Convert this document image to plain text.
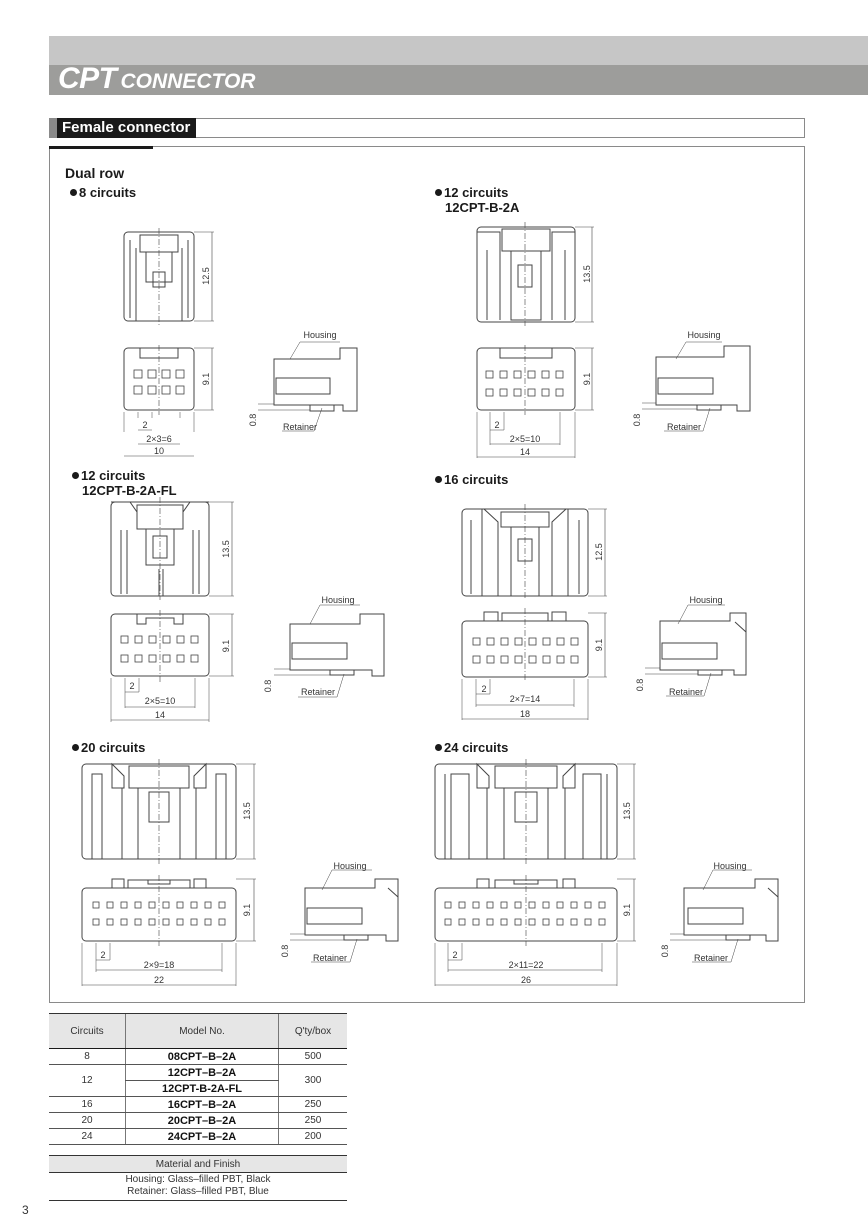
CPT CONNECTOR
Female connector
Dual row
8 circuits	12 circuits
12CPT-B-2A
12 circuits
12CPT-B-2A-FL
16 circuits
20 circuits	24 circuits
12.5
9.1
2
2×3=6
10
Housing
Retainer
0.8
13.5
9.1
2
2×5=10
14
Housing
Retainer
0.8
13.5
9.1
2
2×5=10
14
Housing
Retainer
0.8
12.5
9.1
2
2×7=14
18
Housing
Retainer
0.8
13.5
9.1
2
2×9=18
22
Housing
Retainer
0.8
13.5
9.1
2
2×11=22
26
Housing
Retainer
0.8
Circuits	Model No.	Q'ty/box
8	08CPT–B–2A	500
12	12CPT–B–2A	300
	12CPT-B-2A-FL	
16	16CPT–B–2A	250
20	20CPT–B–2A	250
24	24CPT–B–2A	200
Material and Finish

Housing: Glass–filled PBT, Black
Retainer: Glass–filled PBT, Blue
3
